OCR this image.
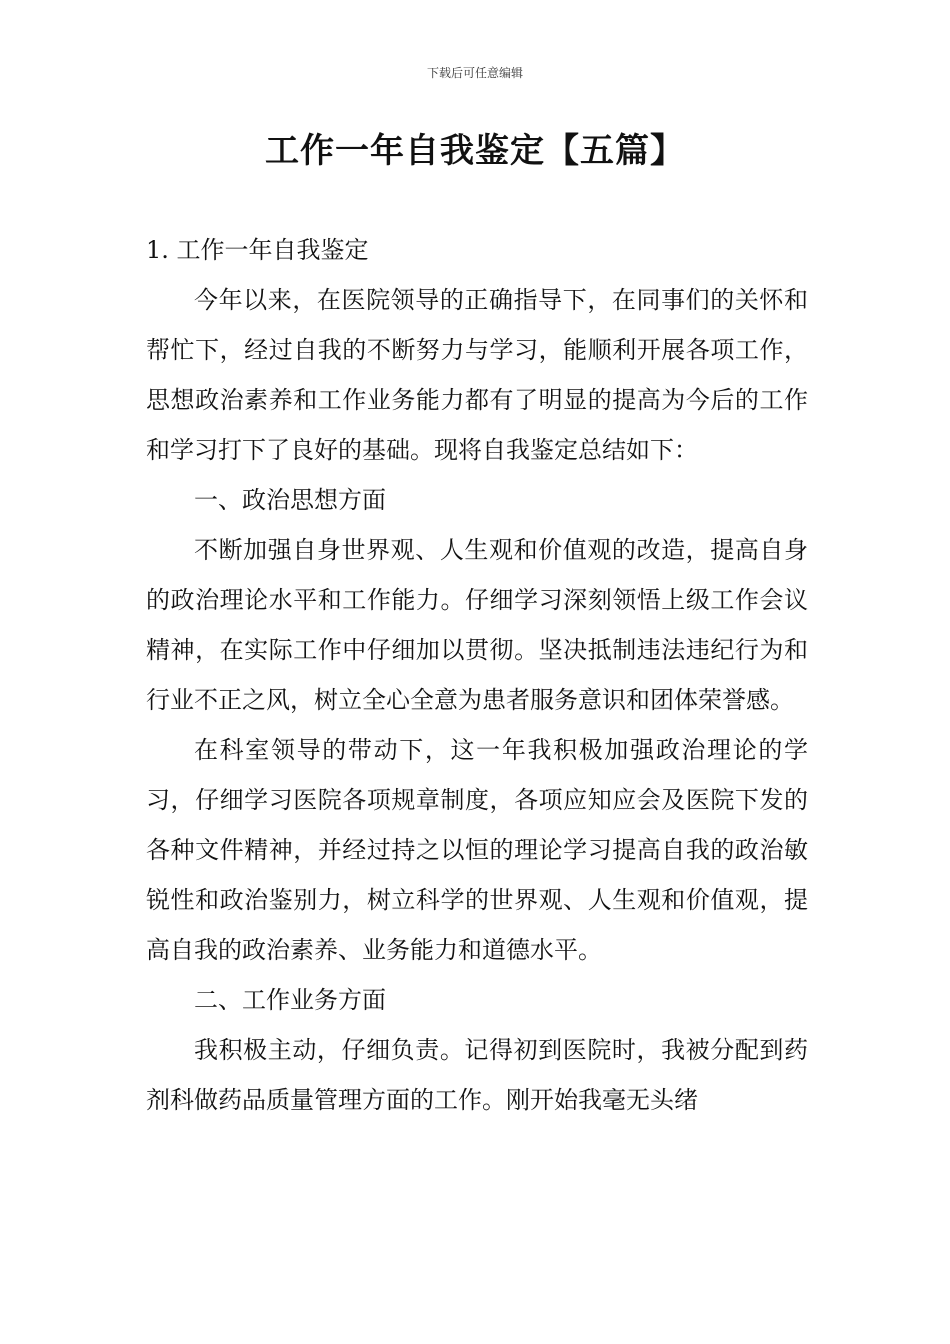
下载后可任意编辑
工作一年自我鉴定【五篇】

1. 工作一年自我鉴定

今年以来，在医院领导的正确指导下，在同事们的关怀和帮忙下，经过自我的不断努力与学习，能顺利开展各项工作，思想政治素养和工作业务能力都有了明显的提高为今后的工作和学习打下了良好的基础。现将自我鉴定总结如下：

一、政治思想方面

不断加强自身世界观、人生观和价值观的改造，提高自身的政治理论水平和工作能力。仔细学习深刻领悟上级工作会议精神，在实际工作中仔细加以贯彻。坚决抵制违法违纪行为和行业不正之风，树立全心全意为患者服务意识和团体荣誉感。

在科室领导的带动下，这一年我积极加强政治理论的学习，仔细学习医院各项规章制度，各项应知应会及医院下发的各种文件精神，并经过持之以恒的理论学习提高自我的政治敏锐性和政治鉴别力，树立科学的世界观、人生观和价值观，提高自我的政治素养、业务能力和道德水平。

二、工作业务方面

我积极主动，仔细负责。记得初到医院时，我被分配到药剂科做药品质量管理方面的工作。刚开始我毫无头绪
